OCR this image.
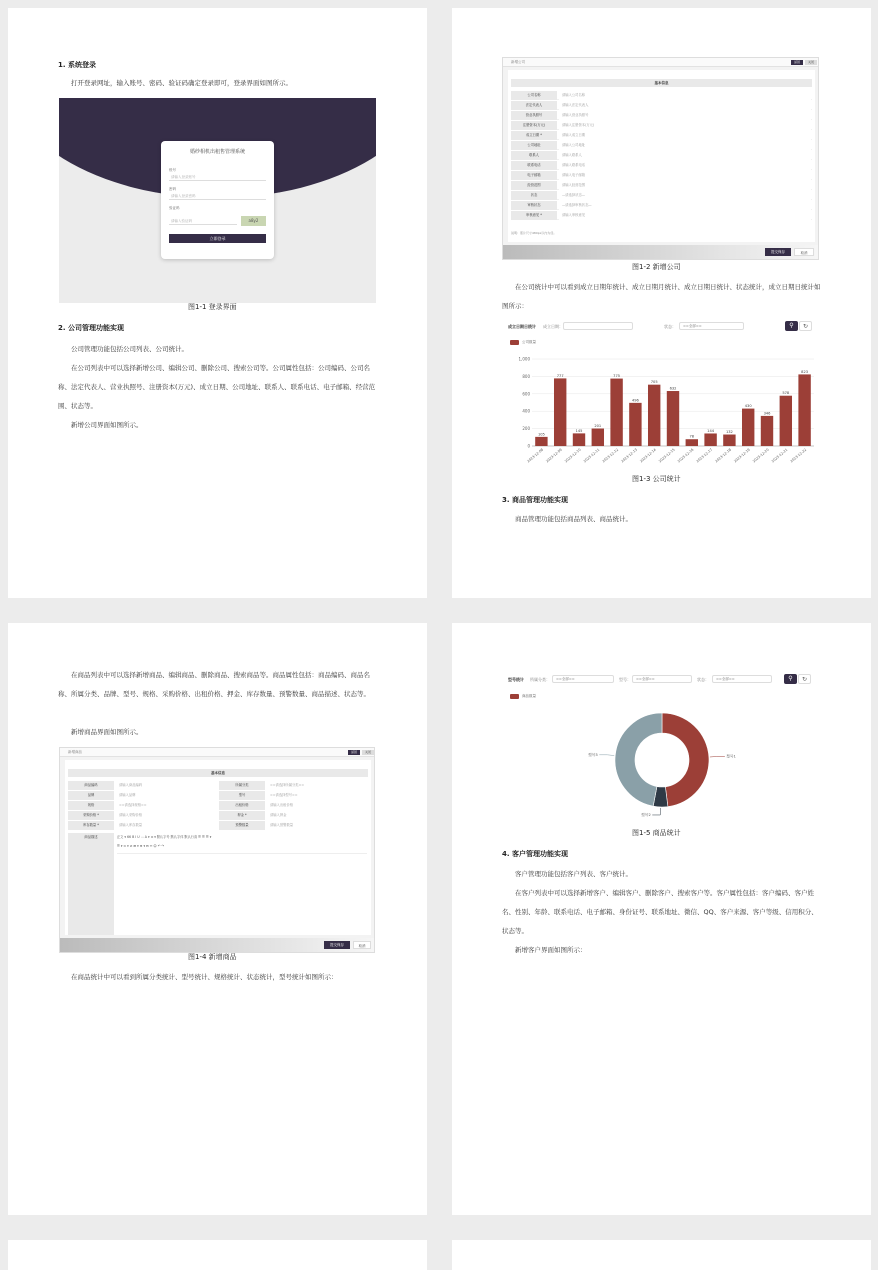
1. 系统登录
打开登录网址，输入账号、密码、验证码确定登录即可，登录界面如图所示。
婚纱相机出租售管理系统
账号
请输入登录账号
密码
请输入登录密码
验证码
请输入验证码	a8y2
立即登录
图1-1 登录界面
2. 公司管理功能实现
公司管理功能包括公司列表、公司统计。
在公司列表中可以选择新增公司、编辑公司、删除公司、搜索公司等。公司属性包括：公司编码、公司名称、法定代表人、营业执照号、注册资本(万元)、成立日期、公司地址、联系人、联系电话、电子邮箱、经营范围、状态等。
新增公司界面如图所示。
新增公司	返回	关闭
基本信息
公司名称	请输入公司名称
法定代表人	请输入法定代表人
营业执照号	请输入营业执照号
注册资本(万元)	请输入注册资本(万元)
成立日期 *	请输入成立日期
公司地址	请输入公司地址
联系人	请输入联系人
联系电话	请输入联系电话
电子邮箱	请输入电子邮箱
经营范围	请输入经营范围
状态	—请选择状态—
审核状态	—请选择审核状态—
审核意见 *	请输入审核意见
说明：照片尺寸480px以内为佳。
提交保存	取消
图1-2 新增公司
在公司统计中可以看到成立日期年统计、成立日期月统计、成立日期日统计、状态统计，成立日期日统计如图所示：
成立日期日统计 成立日期：	状态：	==全部==	⚲	↻
公司数量
1,000
800
600
400
200
0
105
2023-12-08
777
2023-12-09
145
2023-12-10
201
2023-12-11
775
2023-12-12
496
2023-12-13
705
2023-12-14
632
2023-12-15
78
2023-12-16
144
2023-12-17
132
2023-12-18
430
2023-12-19
346
2023-12-20
578
2023-12-21
823
2023-12-22
图1-3 公司统计
3. 商品管理功能实现
商品管理功能包括商品列表、商品统计。
在商品列表中可以选择新增商品、编辑商品、删除商品、搜索商品等。商品属性包括：商品编码、商品名称、所属分类、品牌、型号、规格、采购价格、出租价格、押金、库存数量、预警数量、商品描述、状态等。
新增商品界面如图所示。
新增商品	返回	关闭
基本信息
商品编码	请输入商品编码	所属分类	==请选择所属分类==
品牌	请输入品牌	型号	==请选择型号==
规格	==请选择规格==	出租价格	请输入出租价格
采购价格 *	请输入采购价格	押金 *	请输入押金
库存数量 *	请输入库存数量	预警数量	请输入预警数量
商品描述	正文 ▾ 66 B I U ⋯ A ▾ ≡ ▾ 默认字号 默认字体 默认行高 ☰ ☰ ☰ ▾
☰ ▾ ⊙ ▾ ⊘ ⊞ ▾ ⊕ ▾ ⊟ ↔ ☺ ↶ ↷
提交保存	取消
图1-4 新增商品
在商品统计中可以看到所属分类统计、型号统计、规格统计、状态统计，型号统计如图所示：
型号统计 所属分类：	==全部==	型号：	==全部==	状态：	==全部==	⚲	↻
商品数量
型号1
型号2
型号3
图1-5 商品统计
4. 客户管理功能实现
客户管理功能包括客户列表、客户统计。
在客户列表中可以选择新增客户、编辑客户、删除客户、搜索客户等。客户属性包括：客户编码、客户姓名、性别、年龄、联系电话、电子邮箱、身份证号、联系地址、微信、QQ、客户来源、客户等级、信用积分、状态等。
新增客户界面如图所示：
